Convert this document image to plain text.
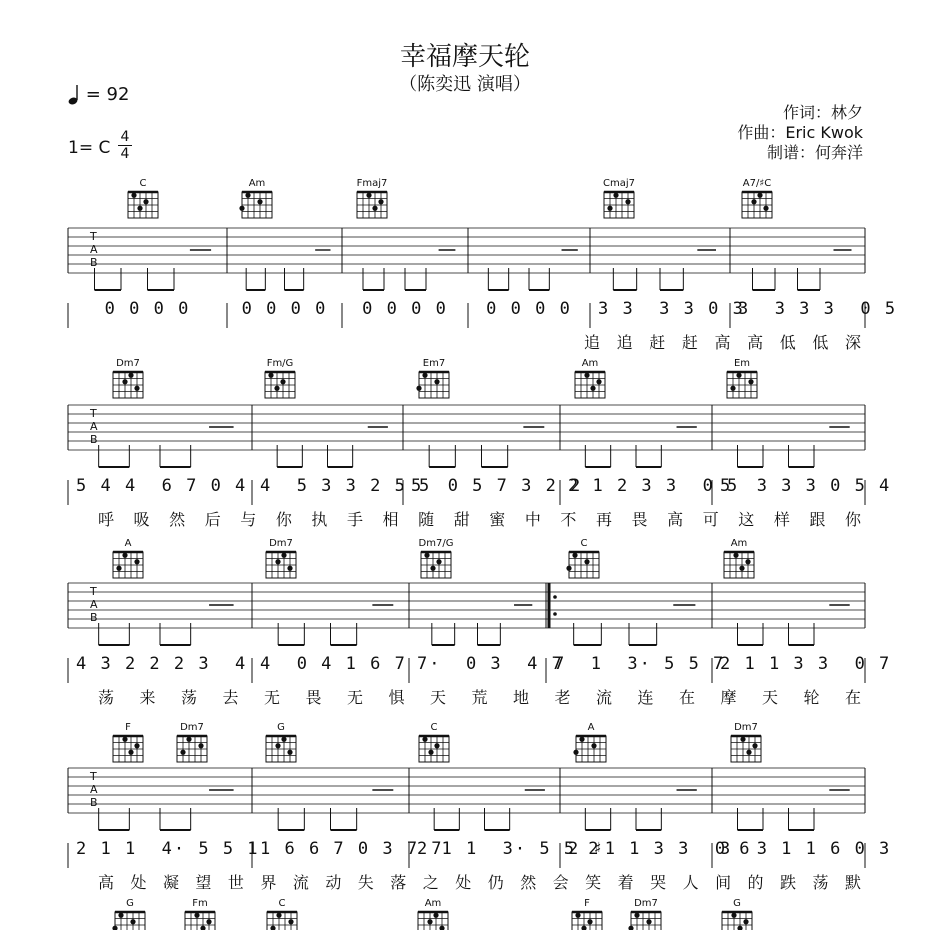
幸福摩天轮
（陈奕迅 演唱）
= 92
1= C
4
4
作词：林夕
作曲：Eric Kwok
制谱：何奔洋
C	Am	Fmaj7	Cmaj7	A7/♯C
T
A
B
0 0 0 0	0 0 0 0	0 0 0 0	0 0 0 0	3 3  3 3 0 3
3  3 3 3  0 5
追 追 赶 赶 高 高 低 低 深
Dm7	Fm/G	Em7	Am	Em
T
A
B
5 4 4  6 7 0 4 4  5 3 3 2 5 5
5  0 5 7 3 2 2
2 1 2 3 3  0 5
5  3 3 3 0 5 4
呼 吸 然 后 与 你 执 手 相 随 甜 蜜 中 不 再 畏 高 可 这 样 跟 你
A	Dm7	Dm7/G	C	Am
T
A
B
4 3 2 2 2 3  4 4  0 4 1 6 7 7·  0 3  4 7
7  1  3· 5 5 7
2 1 1 3 3  0 7
荡 来 荡 去 无 畏 无 惧 天 荒 地 老 流 连 在 摩 天 轮 在
F	Dm7	G	C	A	Dm7
T
A
B
2 1 1  4· 5 5 1 1 6 6 7 0 3 7 7
2 1 1  3· 5 5 2
2 ♯1 1 3 3  0 6
3  3 1 1 6 0 3
高 处 凝 望 世 界 流 动 失 落 之 处 仍 然 会 笑 着 哭 人 间 的 跌 荡 默
G	Fm	C	Am	F	Dm7	G
